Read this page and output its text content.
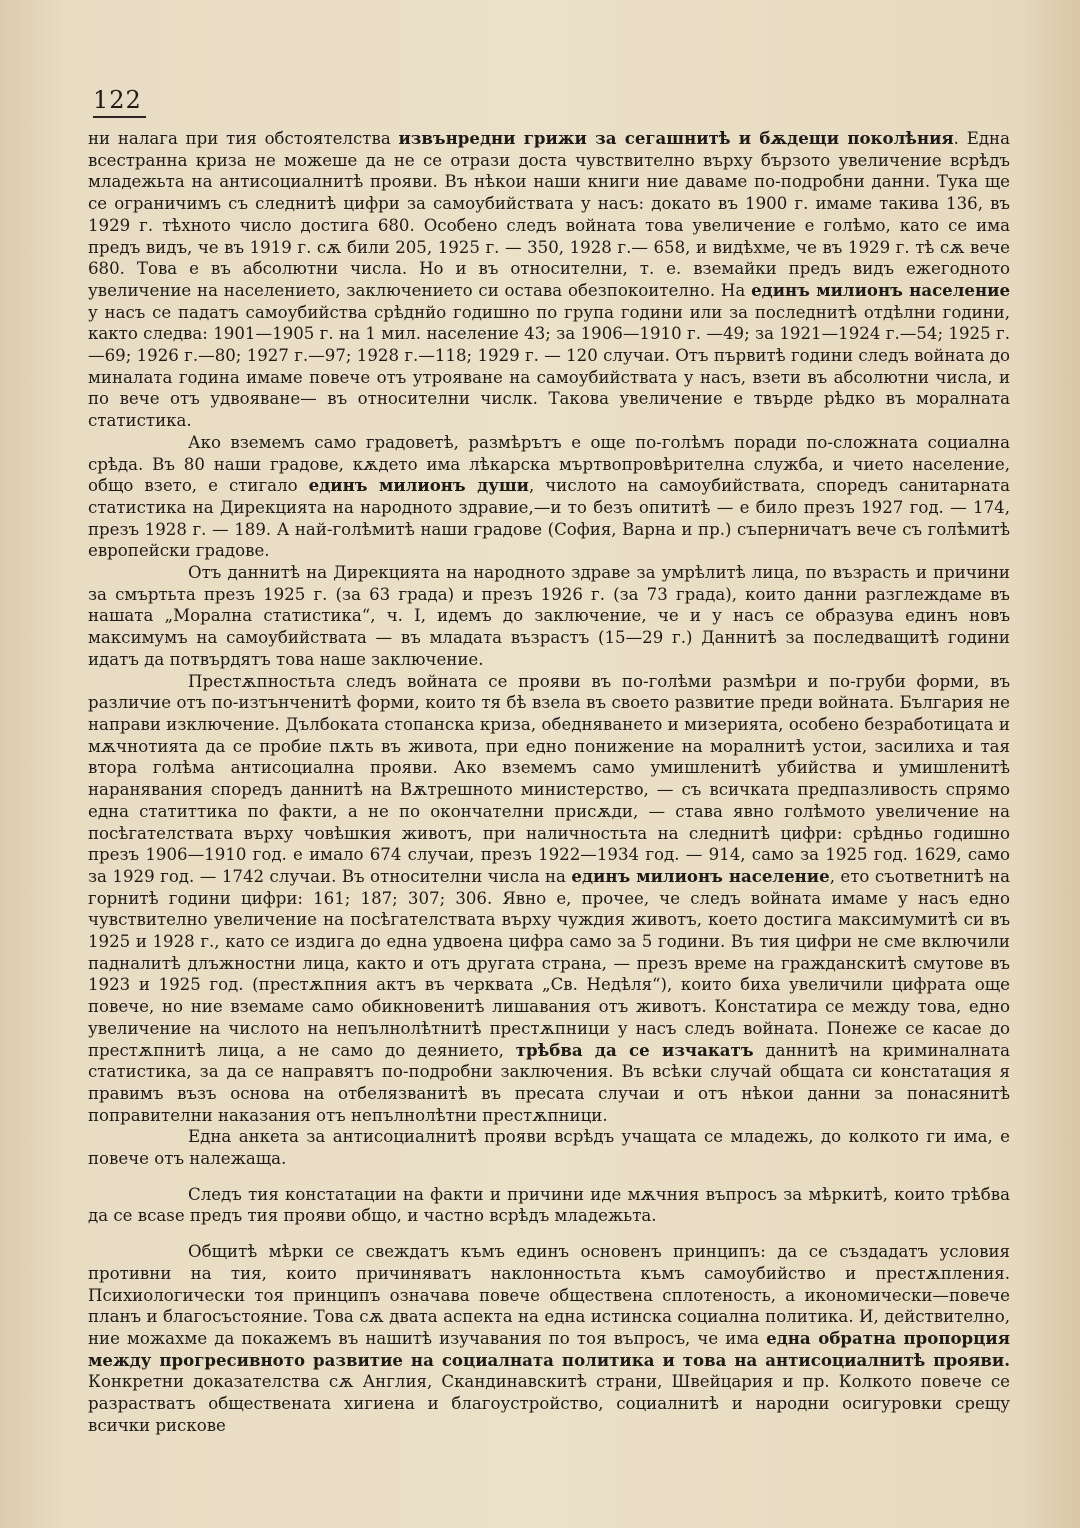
122

ни налага при тия обстоятелства извънредни грижи за сегашнитѣ и бѫдещи поколѣния. Една всестранна криза не можеше да не се отрази доста чувствително върху бързото увеличение всрѣдъ младежьта на антисоциалнитѣ прояви. Въ нѣкои наши книги ние даваме по-подробни данни. Тука ще се ограничимъ съ следнитѣ цифри за самоубийствата у насъ: докато въ 1900 г. имаме такива 136, въ 1929 г. тѣхното число достига 680. Особено следъ войната това увеличение е голѣмо, като се има предъ видъ, че въ 1919 г. сѫ били 205, 1925 г. — 350, 1928 г.— 658, и видѣхме, че въ 1929 г. тѣ сѫ вече 680. Това е въ абсолютни числа. Но и въ относителни, т. е. вземайки предъ видъ ежегодното увеличение на населението, заключението си остава обезпокоително. На единъ милионъ население у насъ се падатъ самоубийства срѣднйо годишно по група години или за последнитѣ отдѣлни години, както следва: 1901—1905 г. на 1 мил. население 43; за 1906—1910 г. —49; за 1921—1924 г.—54; 1925 г.—69; 1926 г.—80; 1927 г.—97; 1928 г.—118; 1929 г. — 120 случаи. Отъ първитѣ години следъ войната до миналата година имаме повече отъ утрояване на самоубийствата у насъ, взети въ абсолютни числа, и по вече отъ удвояване— въ относителни числк. Такова увеличение е твърде рѣдко въ моралната статистика.

Ако вземемъ само градоветѣ, размѣрътъ е още по-голѣмъ поради по-сложната социална срѣда. Въ 80 наши градове, кѫдето има лѣкарска мъртвопровѣрителна служба, и чиeто население, общо взето, е стигало единъ милионъ души, числото на самоубийствата, споредъ санитарната статистика на Дирекцията на народното здравие,—и то безъ опититѣ — е било презъ 1927 год. — 174, презъ 1928 г. — 189. А най-голѣмитѣ наши градове (София, Варна и пр.) съперничатъ вече съ голѣмитѣ европейски градове.

Отъ даннитѣ на Дирекцията на народното здраве за умрѣлитѣ лица, по възрасть и причини за смъртьта презъ 1925 г. (за 63 града) и презъ 1926 г. (за 73 града), които данни разглеждаме въ нашата „Морална статистика“, ч. I, идемъ до заключение, че и у насъ се образува единъ новъ максимумъ на самоубийствата — въ младата възрастъ (15—29 г.) Даннитѣ за последващитѣ години идатъ да потвърдятъ това наше заключение.

Престѫпностьта следъ войната се прояви въ по-голѣми размѣри и по-груби форми, въ различие отъ по-изтънченитѣ форми, които тя бѣ взела въ своето развитие преди войната. България не направи изключение. Дълбоката стопанска криза, обедняването и мизерията, особено безработицата и мѫчнотията да се пробие пѫть въ живота, при едно понижение на моралнитѣ устои, засилиха и тая втора голѣма антисоциална прояви. Ако вземемъ само умишленитѣ убийства и умишленитѣ наранявания споредъ даннитѣ на Вѫтрешното министерство, — съ всичката предпазливость спрямо една статиттика по факти, а не по окончателни присѫди, — става явно голѣмото увеличение на посѣгателствата върху човѣшкия животъ, при наличностьта на следнитѣ цифри: срѣдньо годишно презъ 1906—1910 год. е имало 674 случаи, презъ 1922—1934 год. — 914, само за 1925 год. 1629, само за 1929 год. — 1742 случаи. Въ относителни числа на единъ милионъ население, ето съответнитѣ на горнитѣ години цифри: 161; 187; 307; 306. Явно е, прочее, че следъ войната имаме у насъ едно чувствително увеличение на посѣгателствата върху чуждия животъ, което достига максимумитѣ си въ 1925 и 1928 г., като се издига до една удвоена цифра само за 5 години. Въ тия цифри не сме включили падналитѣ длъжностни лица, както и отъ другата страна, — презъ време на гражданскитѣ смутове въ 1923 и 1925 год. (престѫпния актъ въ черквата „Св. Недѣля“), които биха увеличили цифрата още повече, но ние вземаме само обикновенитѣ лишавания отъ животъ. Констатира се между това, едно увеличение на числото на непълнолѣтнитѣ престѫпници у насъ следъ войната. Понеже се касае до престѫпнитѣ лица, а не само до деянието, трѣбва да се изчакатъ даннитѣ на криминалната статистика, за да се направятъ по-подробни заключения. Въ всѣки случай общата си констатация я правимъ възъ основа на отбелязванитѣ въ пресата случаи и отъ нѣкои данни за понасянитѣ поправителни наказания отъ непълнолѣтни престѫпници.

Една анкета за антисоциалнитѣ прояви всрѣдъ учащата се младежь, до колкото ги има, е повече отъ належаща.

Следъ тия констатации на факти и причини иде мѫчния въпросъ за мѣркитѣ, които трѣбва да се вcase предъ тия прояви общо, и частно всрѣдъ младежьта.

Общитѣ мѣрки се свеждатъ къмъ единъ основенъ принципъ: да се създадатъ условия противни на тия, които причиняватъ наклонностьта къмъ самоубийство и престѫпления. Психиологически тоя принципъ означава повече обществена сплотеность, а икономически—повече планъ и благосъстояние. Това сѫ двата аспекта на една истинска социална политика. И, действително, ние можахме да покажемъ въ нашитѣ изучавания по тоя въпросъ, че има една обратна пропорция между прогресивното развитие на социалната политика и това на антисоциалнитѣ прояви. Конкретни доказателства сѫ Англия, Скандинавскитѣ страни, Швейцария и пр. Колкото повече се разрастватъ обществената хигиена и благоустройство, социалнитѣ и народни осигуровки срещу всички рискове
